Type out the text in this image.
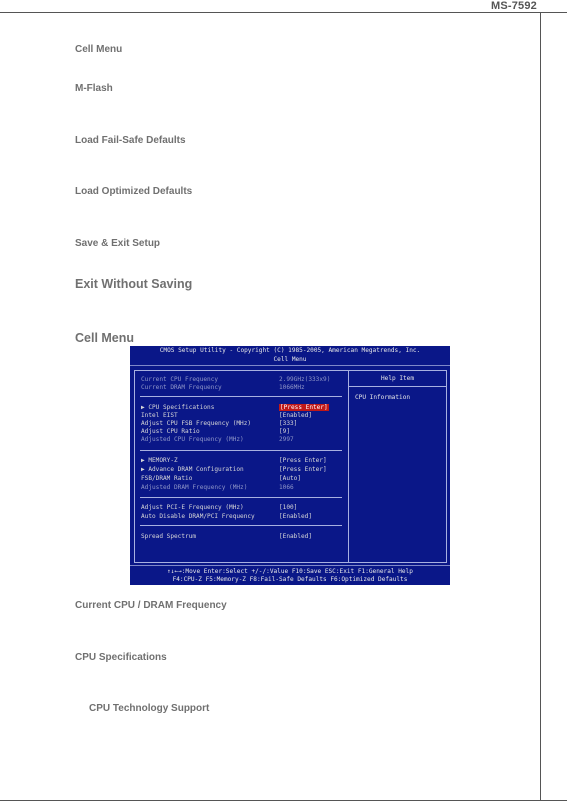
MS-7592
Cell Menu
M-Flash
Load Fail-Safe Defaults
Load Optimized Defaults
Save & Exit Setup
Exit Without Saving
Cell Menu
CMOS Setup Utility - Copyright (C) 1985-2005, American Megatrends, Inc.
Cell Menu
Current CPU Frequency	2.99GHz(333x9)
Current DRAM Frequency	1066MHz
▶ CPU Specifications	[Press Enter]
Intel EIST	[Enabled]
Adjust CPU FSB Frequency (MHz)	[333]
Adjust CPU Ratio	[9]
Adjusted CPU Frequency (MHz)	2997
▶ MEMORY-Z	[Press Enter]
▶ Advance DRAM Configuration	[Press Enter]
FSB/DRAM Ratio	[Auto]
Adjusted DRAM Frequency (MHz)	1066
Adjust PCI-E Frequency (MHz)	[100]
Auto Disable DRAM/PCI Frequency	[Enabled]
Spread Spectrum	[Enabled]
Help Item
CPU Information
↑↓←→:Move Enter:Select +/-/:Value F10:Save ESC:Exit F1:General Help
F4:CPU-Z F5:Memory-Z F8:Fail-Safe Defaults F6:Optimized Defaults
Current CPU / DRAM Frequency
CPU Specifications
CPU Technology Support
